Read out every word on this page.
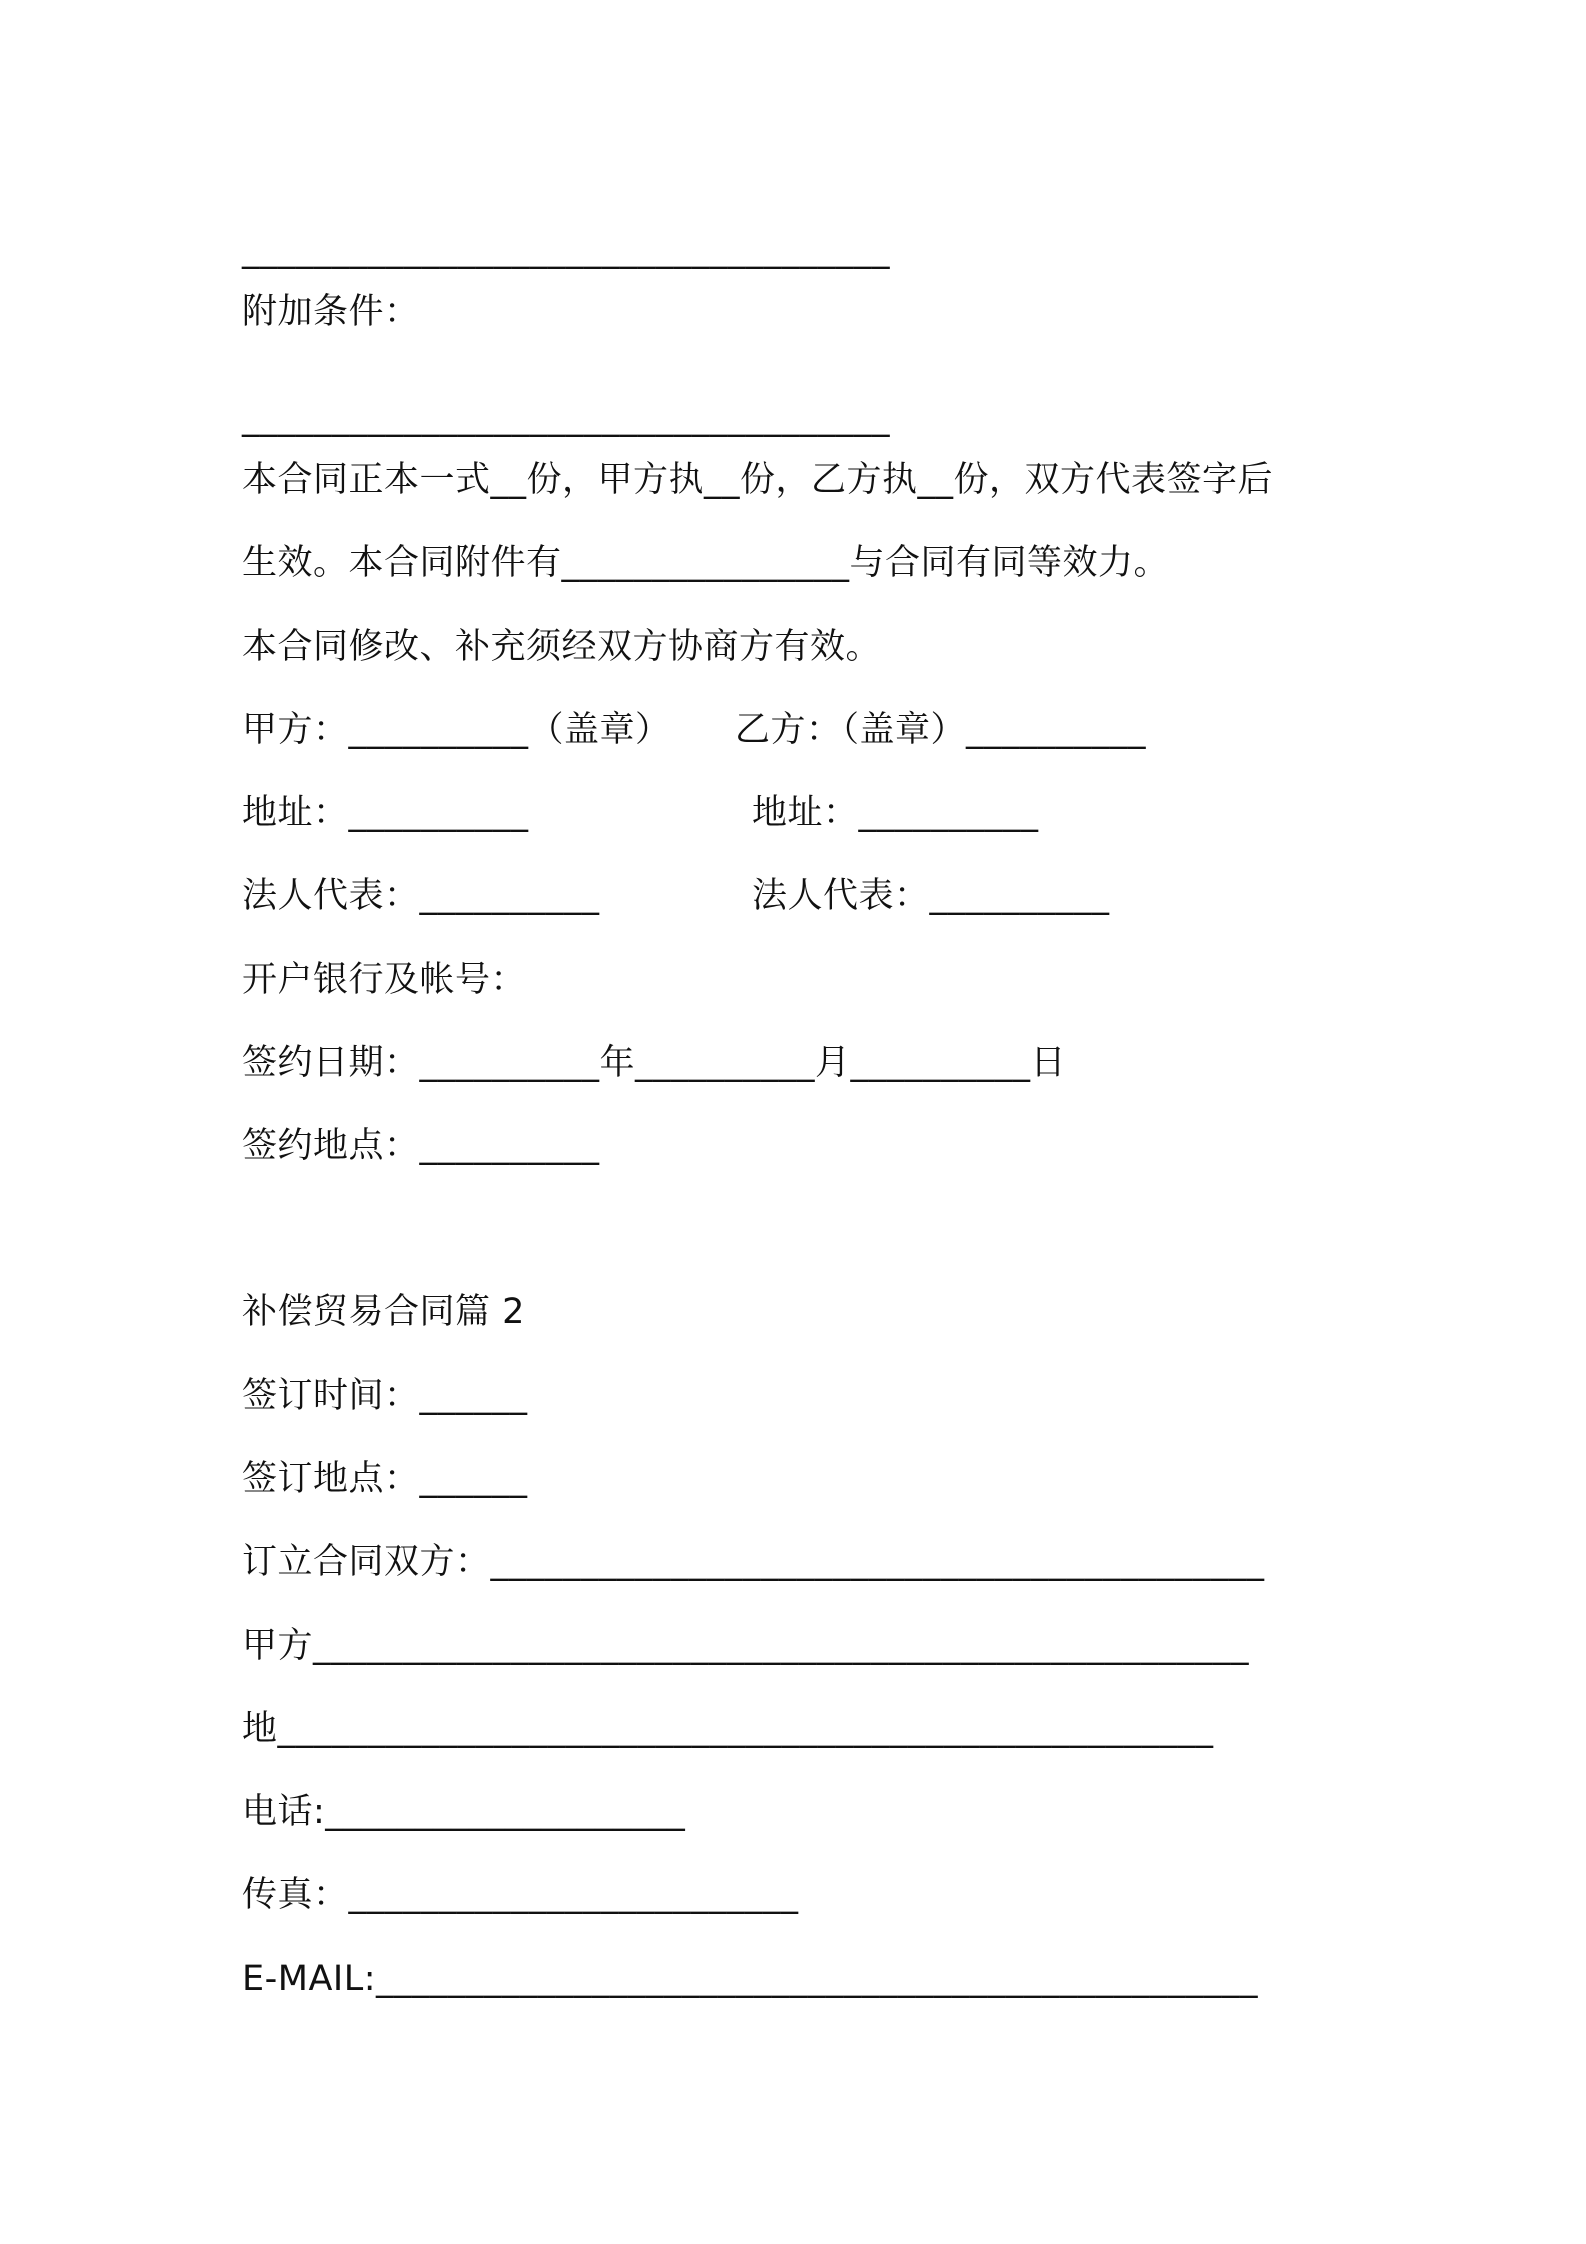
____________________________________
附加条件：
____________________________________
本合同正本一式__份，甲方执__份，乙方执__份，双方代表签字后
生效。本合同附件有________________与合同有同等效力。
本合同修改、补充须经双方协商方有效。
甲方：__________（盖章） 乙方：（盖章）__________
地址：__________	地址：__________
法人代表：__________	法人代表：__________
开户银行及帐号：
签约日期：__________年__________月__________日
签约地点：__________
补偿贸易合同篇 2
签订时间：______
签订地点：______
订立合同双方：___________________________________________
甲方____________________________________________________
地____________________________________________________
电话:____________________
传真：_________________________
E-MAIL:_________________________________________________
